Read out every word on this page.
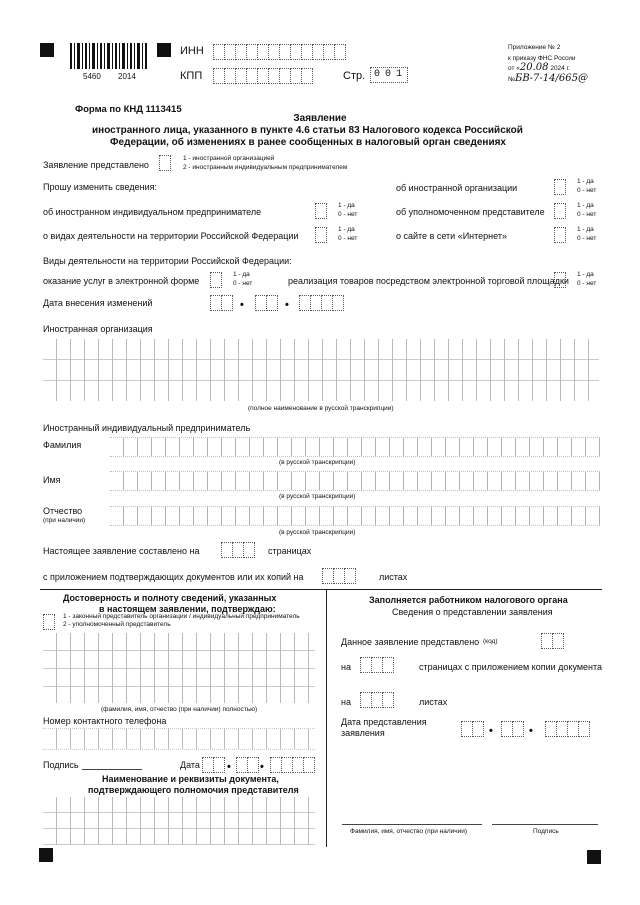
5460 2014
ИНН
КПП	Стр. 001
Приложение № 2
к приказу ФНС России
от «20.08 2024 г.
№БВ-7-14/665@
Форма по КНД 1113415
Заявление
иностранного лица, указанного в пункте 4.6 статьи 83 Налогового кодекса Российской
Федерации, об изменениях в ранее сообщенных в налоговый орган сведениях
Заявление представлено
1 - иностранной организацией
2 - иностранным индивидуальным предпринимателем
Прошу изменить сведения:	об иностранной организации
1 - да
0 - нет
об иностранном индивидуальном предпринимателе
1 - да
0 - нет	об уполномоченном представителе
1 - да
0 - нет
о видах деятельности на территории Российской Федерации
1 - да
0 - нет	о сайте в сети «Интернет»
1 - да
0 - нет
Виды деятельности на территории Российской Федерации:
оказание услуг в электронной форме
1 - да
0 - нет	реализация товаров посредством электронной торговой площадки
1 - да
0 - нет
Дата внесения изменений	•	•
Иностранная организация
(полное наименование в русской транскрипции)
Иностранный индивидуальный предприниматель
Фамилия
(в русской транскрипции)
Имя
(в русской транскрипции)
Отчество
(при наличии)
(в русской транскрипции)
Настоящее заявление составлено на	страницах
с приложением подтверждающих документов или их копий на	листах
Достоверность и полноту сведений, указанных
в настоящем заявлении, подтверждаю:
1 - законный представитель организации / индивидуальный предприниматель
2 - уполномоченный представитель
(фамилия, имя, отчество (при наличии) полностью)
Номер контактного телефона
Подпись	Дата •	•
Наименование и реквизиты документа,
подтверждающего полномочия представителя
Заполняется работником налогового органа
Сведения о представлении заявления
Данное заявление представлено (код)
на	страницах с приложением копии документа
на	листах
Дата представления
заявления	•	•
Фамилия, имя, отчество (при наличии)	Подпись
